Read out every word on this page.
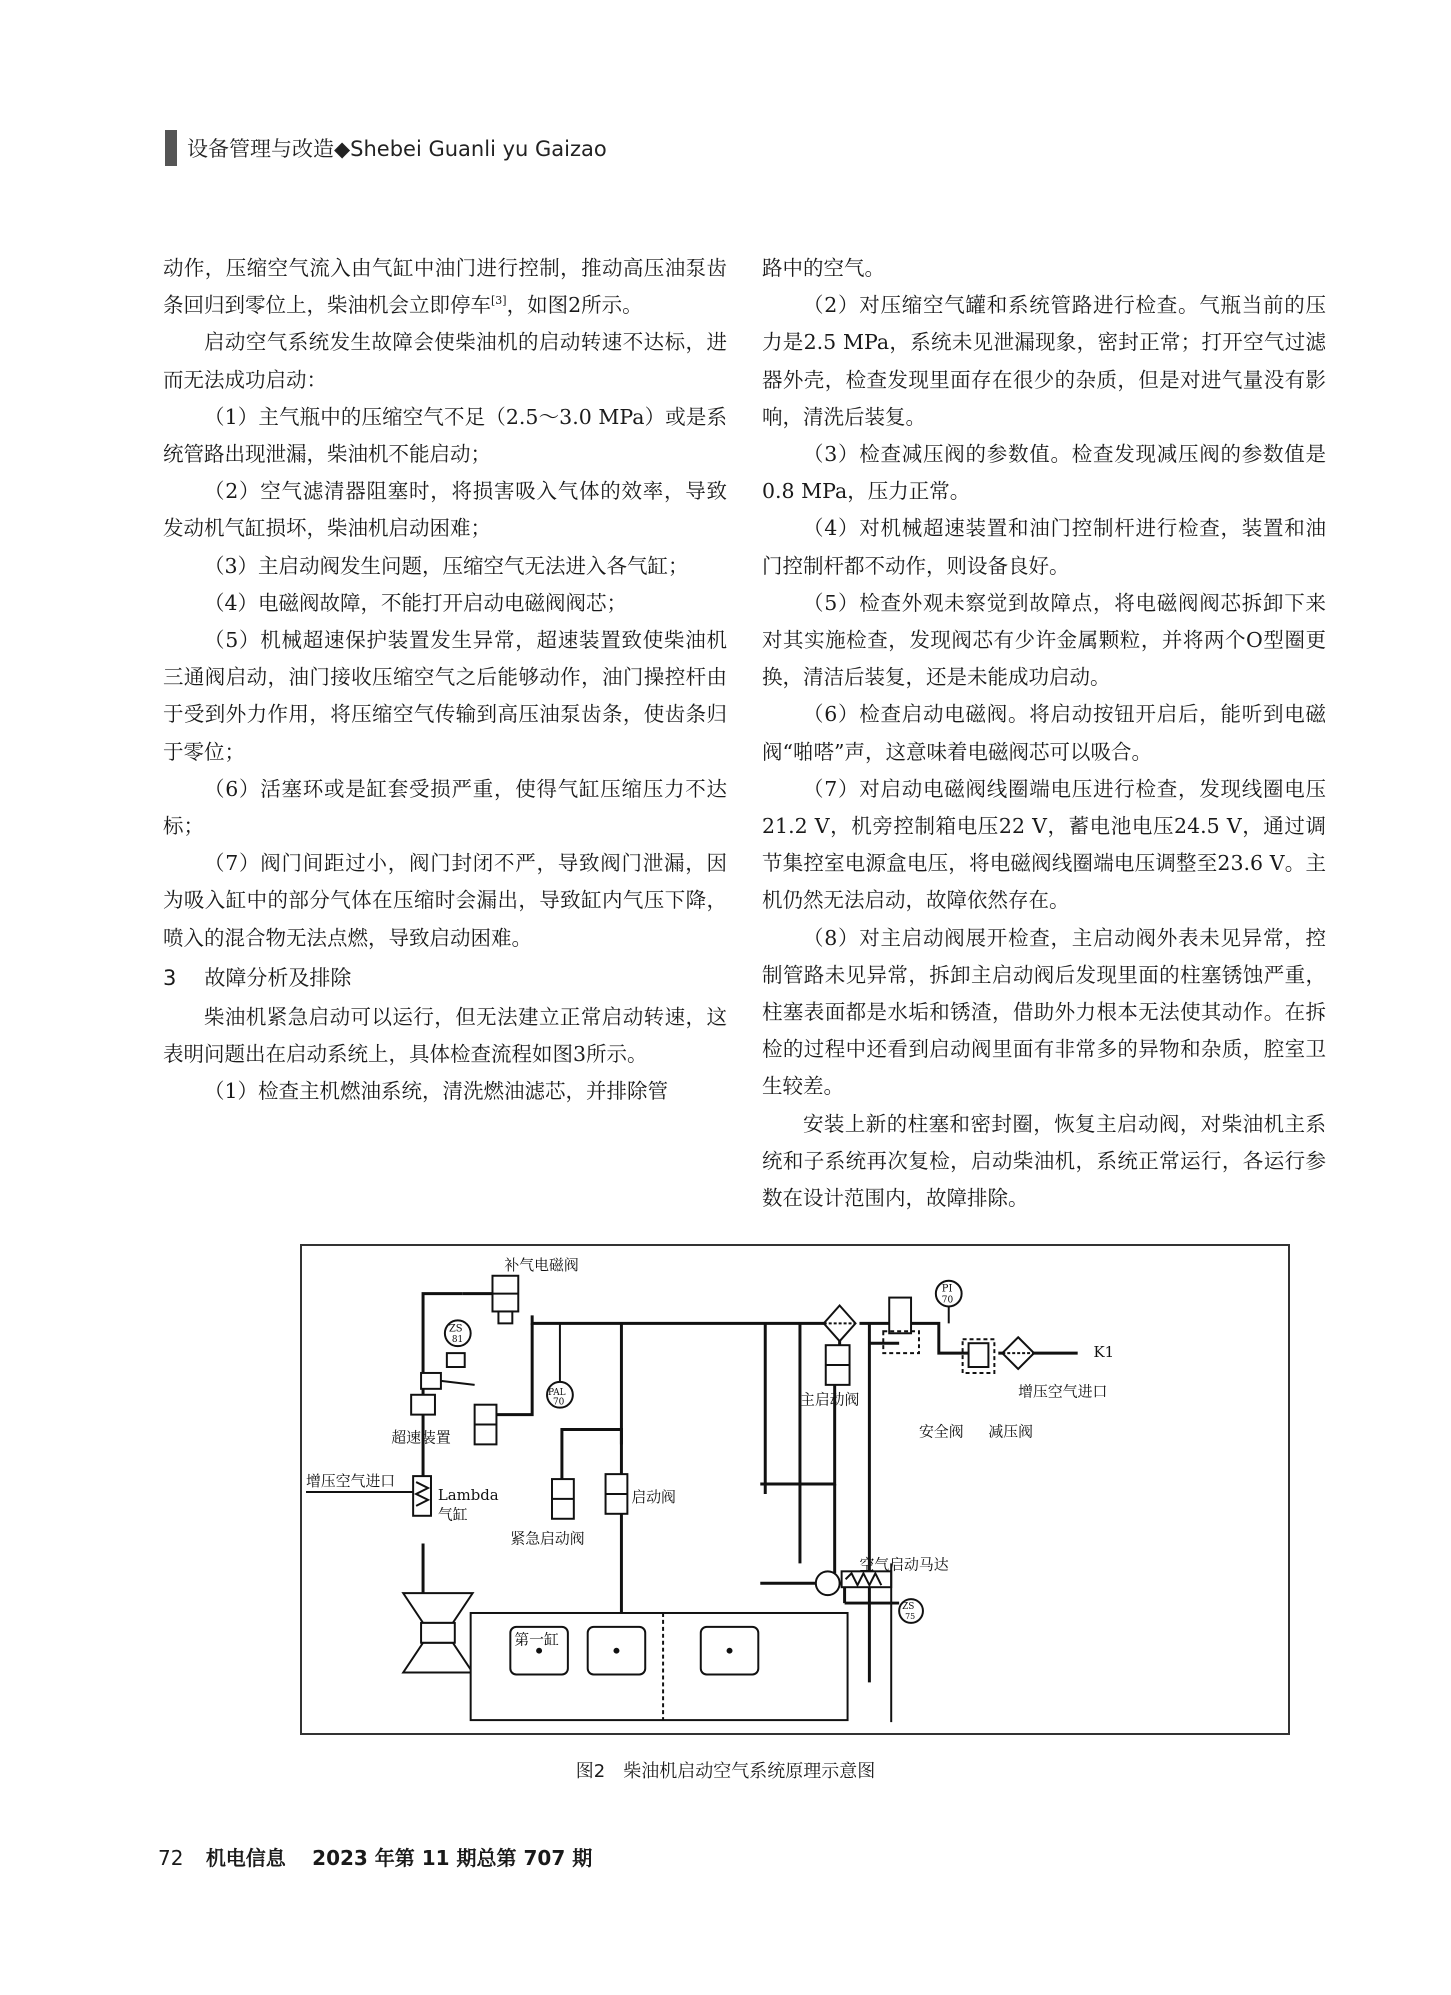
设备管理与改造◆Shebei Guanli yu Gaizao

动作，压缩空气流入由气缸中油门进行控制，推动高压油泵齿条回归到零位上，柴油机会立即停车[3]，如图2所示。

启动空气系统发生故障会使柴油机的启动转速不达标，进而无法成功启动：

（1）主气瓶中的压缩空气不足（2.5～3.0 MPa）或是系统管路出现泄漏，柴油机不能启动；

（2）空气滤清器阻塞时，将损害吸入气体的效率，导致发动机气缸损坏，柴油机启动困难；

（3）主启动阀发生问题，压缩空气无法进入各气缸；

（4）电磁阀故障，不能打开启动电磁阀阀芯；

（5）机械超速保护装置发生异常，超速装置致使柴油机三通阀启动，油门接收压缩空气之后能够动作，油门操控杆由于受到外力作用，将压缩空气传输到高压油泵齿条，使齿条归于零位；

（6）活塞环或是缸套受损严重，使得气缸压缩压力不达标；

（7）阀门间距过小，阀门封闭不严，导致阀门泄漏，因为吸入缸中的部分气体在压缩时会漏出，导致缸内气压下降，喷入的混合物无法点燃，导致启动困难。

3 故障分析及排除

柴油机紧急启动可以运行，但无法建立正常启动转速，这表明问题出在启动系统上，具体检查流程如图3所示。

（1）检查主机燃油系统，清洗燃油滤芯，并排除管

路中的空气。

（2）对压缩空气罐和系统管路进行检查。气瓶当前的压力是2.5 MPa，系统未见泄漏现象，密封正常；打开空气过滤器外壳，检查发现里面存在很少的杂质，但是对进气量没有影响，清洗后装复。

（3）检查减压阀的参数值。检查发现减压阀的参数值是0.8 MPa，压力正常。

（4）对机械超速装置和油门控制杆进行检查，装置和油门控制杆都不动作，则设备良好。

（5）检查外观未察觉到故障点，将电磁阀阀芯拆卸下来对其实施检查，发现阀芯有少许金属颗粒，并将两个O型圈更换，清洁后装复，还是未能成功启动。

（6）检查启动电磁阀。将启动按钮开启后，能听到电磁阀“啪嗒”声，这意味着电磁阀芯可以吸合。

（7）对启动电磁阀线圈端电压进行检查，发现线圈电压21.2 V，机旁控制箱电压22 V，蓄电池电压24.5 V，通过调节集控室电源盒电压，将电磁阀线圈端电压调整至23.6 V。主机仍然无法启动，故障依然存在。

（8）对主启动阀展开检查，主启动阀外表未见异常，控制管路未见异常，拆卸主启动阀后发现里面的柱塞锈蚀严重，柱塞表面都是水垢和锈渣，借助外力根本无法使其动作。在拆检的过程中还看到启动阀里面有非常多的异物和杂质，腔室卫生较差。

安装上新的柱塞和密封圈，恢复主启动阀，对柴油机主系统和子系统再次复检，启动柴油机，系统正常运行，各运行参数在设计范围内，故障排除。

补气电磁阀
ZS
81
超速装置
PAL
70
增压空气进口
Lambda
气缸
紧急启动阀
启动阀
主启动阀
安全阀
PI
70
减压阀
K1
增压空气进口
空气启动马达
ZS
75
第一缸
图2　柴油机启动空气系统原理示意图
72 机电信息 2023 年第 11 期总第 707 期
